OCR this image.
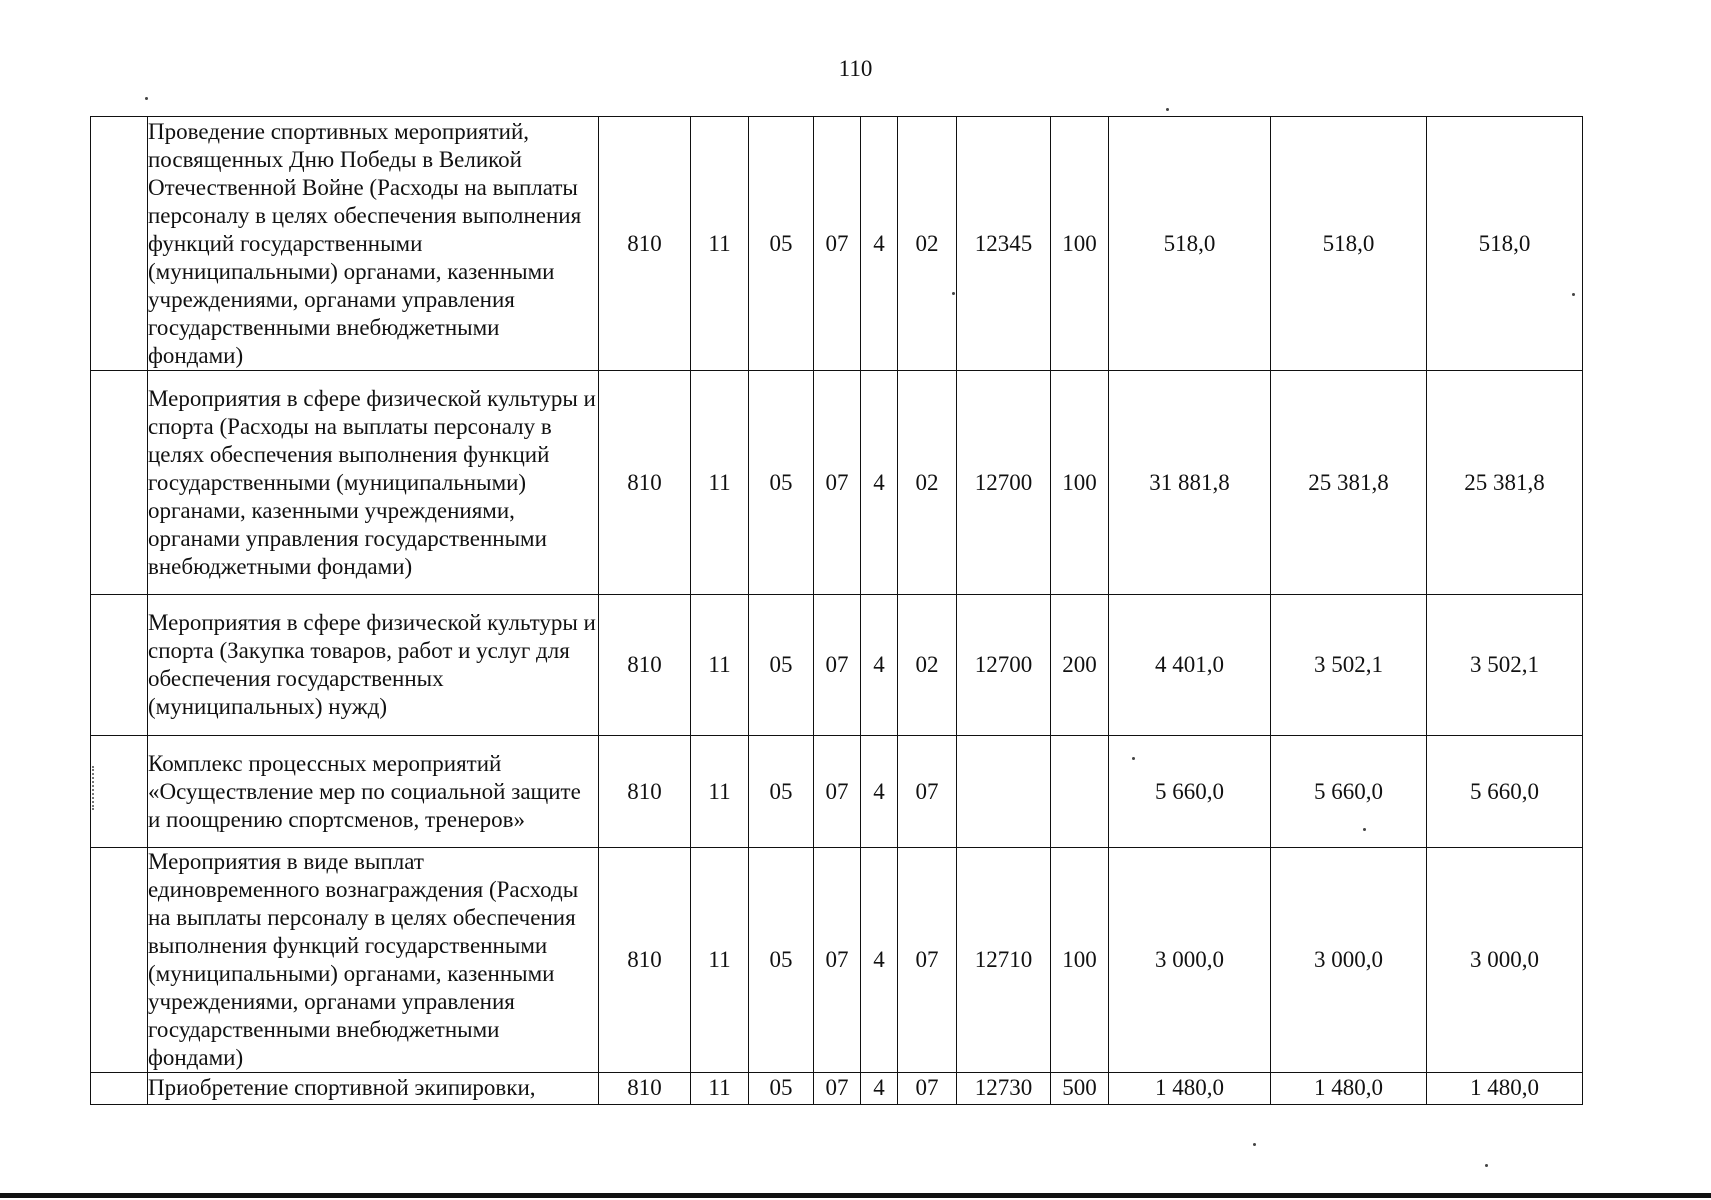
110
	Проведение спортивных мероприятий, посвященных Дню Победы в Великой Отечественной Войне (Расходы на выплаты персоналу в целях обеспечения выполнения функций государственными (муниципальными) органами, казенными учреждениями, органами управления государственными внебюджетными фондами)	810	11	05	07	4	02	12345	100	518,0	518,0	518,0
	Мероприятия в сфере физической культуры и спорта (Расходы на выплаты персоналу в целях обеспечения выполнения функций государственными (муниципальными) органами, казенными учреждениями, органами управления государственными внебюджетными фондами)	810	11	05	07	4	02	12700	100	31 881,8	25 381,8	25 381,8
	Мероприятия в сфере физической культуры и спорта (Закупка товаров, работ и услуг для обеспечения государственных (муниципальных) нужд)	810	11	05	07	4	02	12700	200	4 401,0	3 502,1	3 502,1
	Комплекс процессных мероприятий «Осуществление мер по социальной защите и поощрению спортсменов, тренеров»	810	11	05	07	4	07			5 660,0	5 660,0	5 660,0
	Мероприятия в виде выплат единовременного вознаграждения (Расходы на выплаты персоналу в целях обеспечения выполнения функций государственными (муниципальными) органами, казенными учреждениями, органами управления государственными внебюджетными фондами)	810	11	05	07	4	07	12710	100	3 000,0	3 000,0	3 000,0
	Приобретение спортивной экипировки,	810	11	05	07	4	07	12730	500	1 480,0	1 480,0	1 480,0
